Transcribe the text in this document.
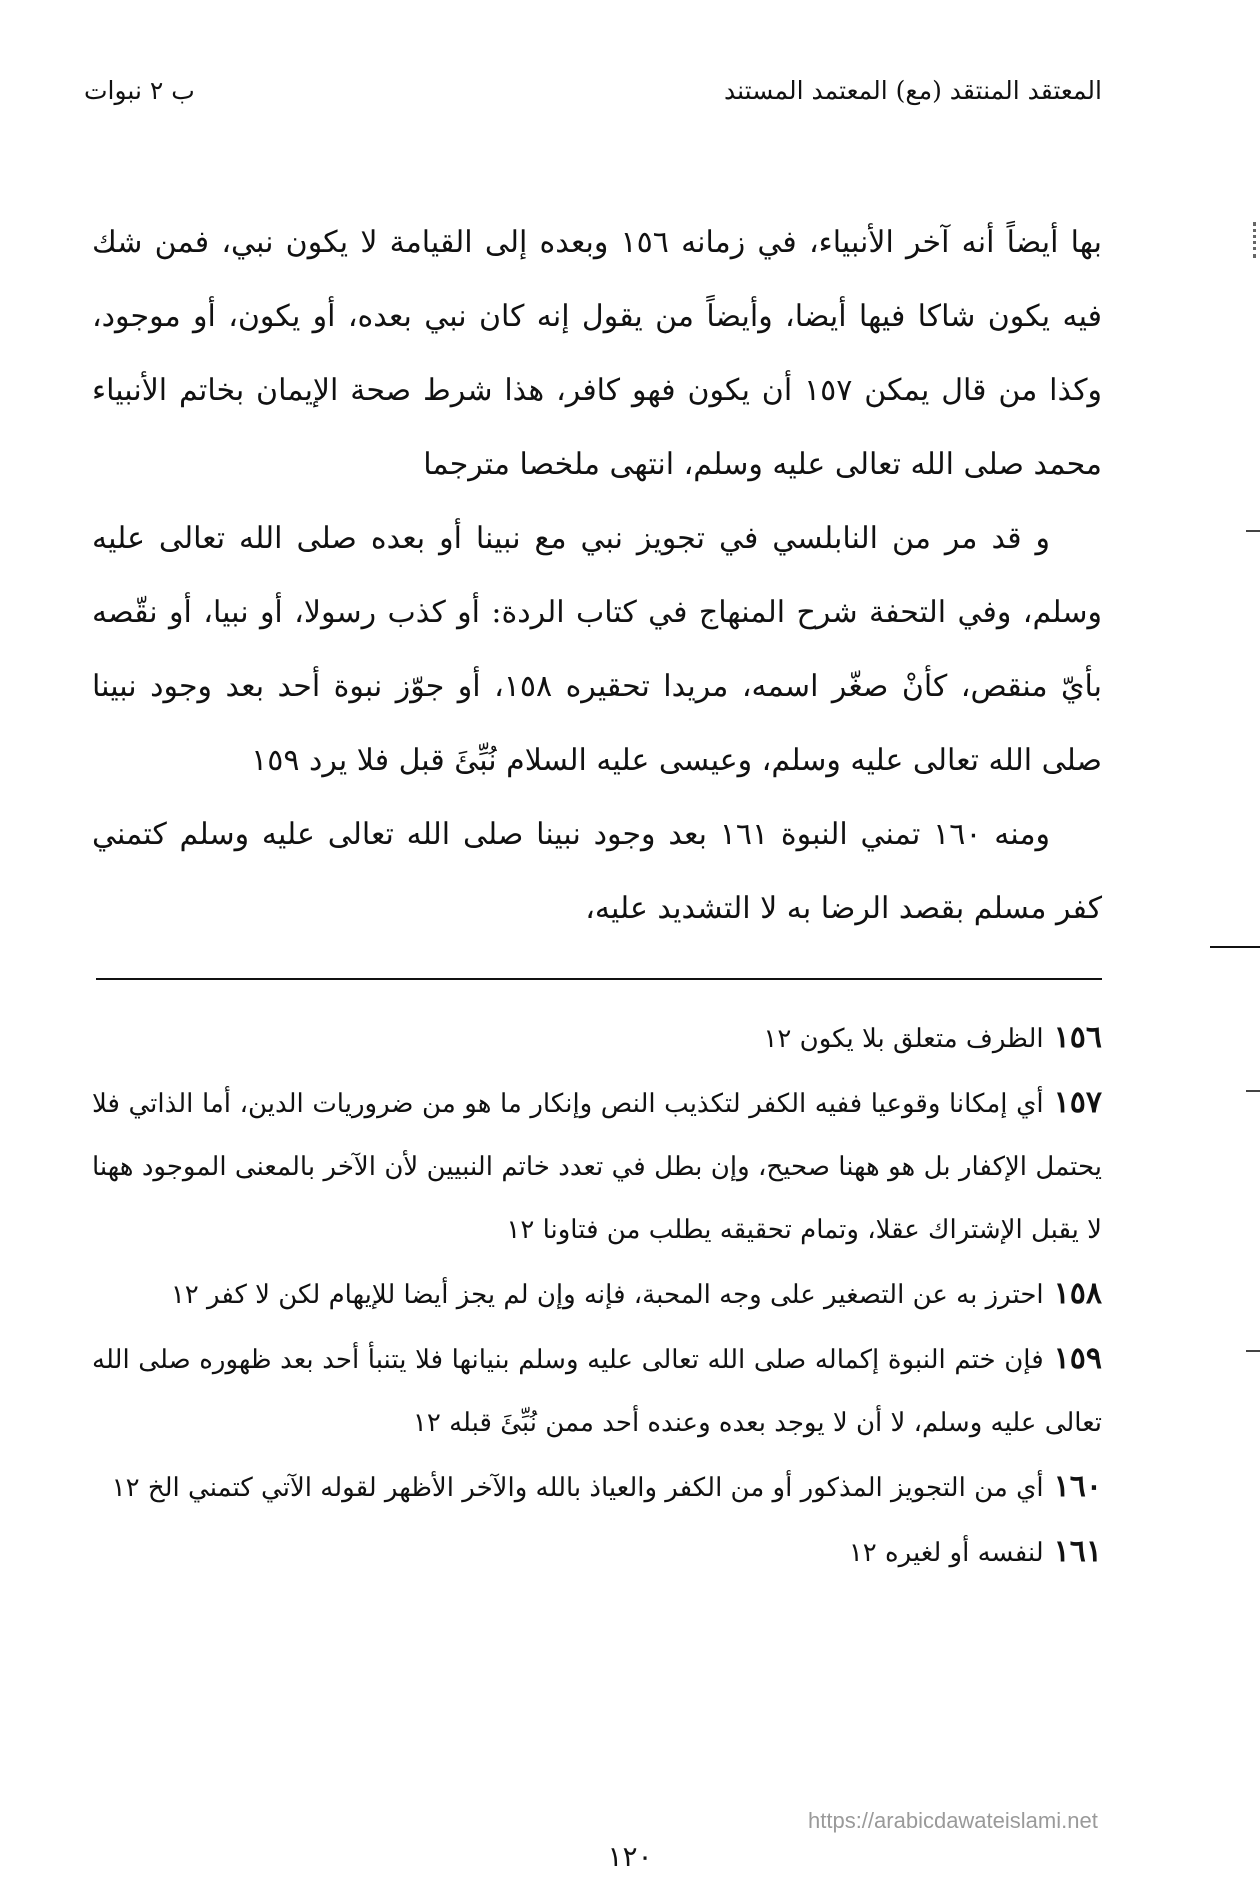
المعتقد المنتقد (مع) المعتمد المستند
ب ٢ نبوات

بها أيضاً أنه آخر الأنبياء، في زمانه ١٥٦ وبعده إلى القيامة لا يكون نبي، فمن شك فيه يكون شاكا فيها أيضا، وأيضاً من يقول إنه كان نبي بعده، أو يكون، أو موجود، وكذا من قال يمكن ١٥٧ أن يكون فهو كافر، هذا شرط صحة الإيمان بخاتم الأنبياء محمد صلى الله تعالى عليه وسلم، انتهى ملخصا مترجما

و قد مر من النابلسي في تجويز نبي مع نبينا أو بعده صلى الله تعالى عليه وسلم، وفي التحفة شرح المنهاج في كتاب الردة: أو كذب رسولا، أو نبيا، أو نقّصه بأيّ منقص، كأنْ صغّر اسمه، مريدا تحقيره ١٥٨، أو جوّز نبوة أحد بعد وجود نبينا صلى الله تعالى عليه وسلم، وعيسى عليه السلام نُبِّئَ قبل فلا يرد ١٥٩

ومنه ١٦٠ تمني النبوة ١٦١ بعد وجود نبينا صلى الله تعالى عليه وسلم كتمني كفر مسلم بقصد الرضا به لا التشديد عليه،

١٥٦الظرف متعلق بلا يكون ١٢

١٥٧أي إمكانا وقوعيا ففيه الكفر لتكذيب النص وإنكار ما هو من ضروريات الدين، أما الذاتي فلا يحتمل الإكفار بل هو ههنا صحيح، وإن بطل في تعدد خاتم النبيين لأن الآخر بالمعنى الموجود ههنا لا يقبل الإشتراك عقلا، وتمام تحقيقه يطلب من فتاونا ١٢

١٥٨احترز به عن التصغير على وجه المحبة، فإنه وإن لم يجز أيضا للإيهام لكن لا كفر ١٢

١٥٩فإن ختم النبوة إكماله صلى الله تعالى عليه وسلم بنيانها فلا يتنبأ أحد بعد ظهوره صلى الله تعالى عليه وسلم، لا أن لا يوجد بعده وعنده أحد ممن نُبِّئَ قبله ١٢

١٦٠أي من التجويز المذكور أو من الكفر والعياذ بالله والآخر الأظهر لقوله الآتي كتمني الخ ١٢

١٦١لنفسه أو لغيره ١٢

١٢٠
https://arabicdawateislami.net
